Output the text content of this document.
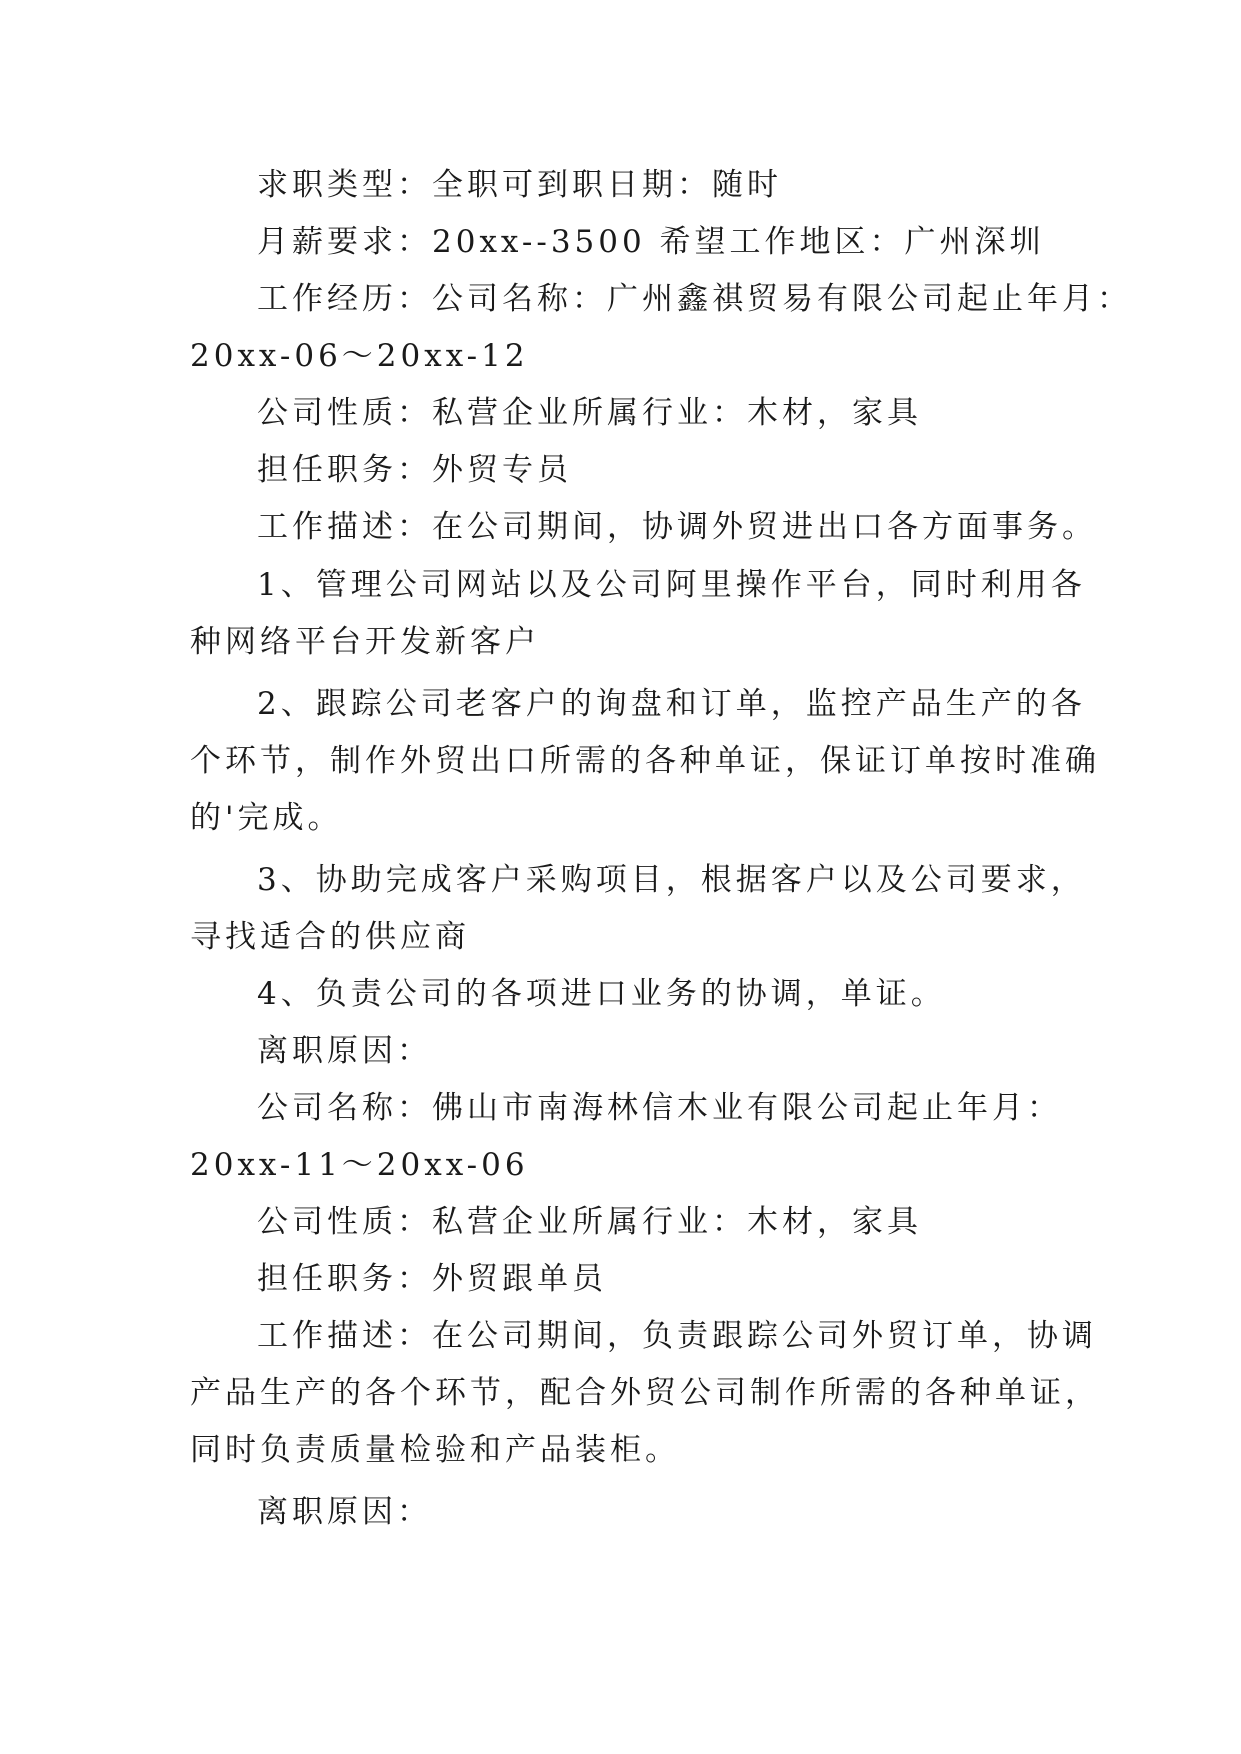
求职类型：全职可到职日期：随时
月薪要求：20xx--3500 希望工作地区：广州深圳
工作经历：公司名称：广州鑫祺贸易有限公司起止年月：
20xx-06～20xx-12
公司性质：私营企业所属行业：木材，家具
担任职务：外贸专员
工作描述：在公司期间，协调外贸进出口各方面事务。
1、管理公司网站以及公司阿里操作平台，同时利用各
种网络平台开发新客户
2、跟踪公司老客户的询盘和订单，监控产品生产的各
个环节，制作外贸出口所需的各种单证，保证订单按时准确
的'完成。
3、协助完成客户采购项目，根据客户以及公司要求，
寻找适合的供应商
4、负责公司的各项进口业务的协调，单证。
离职原因：
公司名称：佛山市南海林信木业有限公司起止年月：
20xx-11～20xx-06
公司性质：私营企业所属行业：木材，家具
担任职务：外贸跟单员
工作描述：在公司期间，负责跟踪公司外贸订单，协调
产品生产的各个环节，配合外贸公司制作所需的各种单证，
同时负责质量检验和产品装柜。
离职原因：
